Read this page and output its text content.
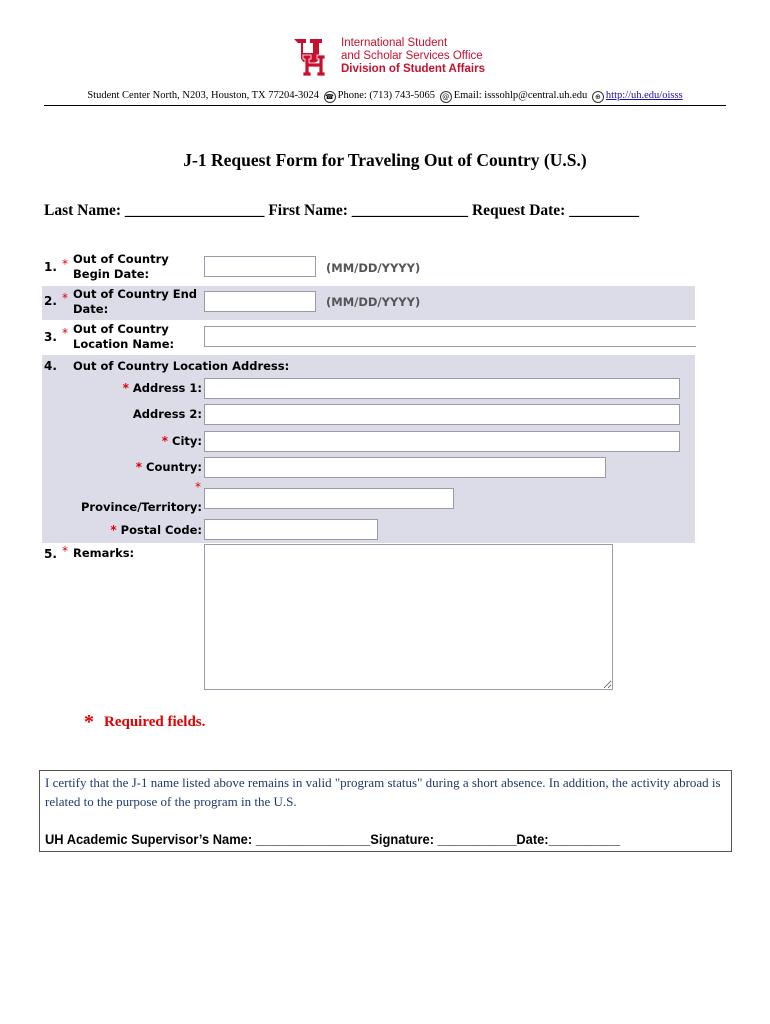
International Student
and Scholar Services Office
Division of Student Affairs
Student Center North, N203, Houston, TX 77204-3024 ☎ Phone: (713) 743-5065 @ Email: isssohlp@central.uh.edu ⊕ http://uh.edu/oisss
J-1 Request Form for Traveling Out of Country (U.S.)
Last Name: __________________ First Name: _______________ Request Date: _________
1. * Out of Country
Begin Date:	(MM/DD/YYYY)
2. * Out of Country End
Date:	(MM/DD/YYYY)
3. * Out of Country
Location Name:
4. Out of Country Location Address:
* Address 1:
Address 2:
* City:
* Country:
*
Province/Territory:
* Postal Code:
5. * Remarks:
* Required fields.
I certify that the J-1 name listed above remains in valid "program status" during a short absence. In addition, the activity abroad is related to the purpose of the program in the U.S.
UH Academic Supervisor’s Name: ________________Signature: ___________Date:__________
